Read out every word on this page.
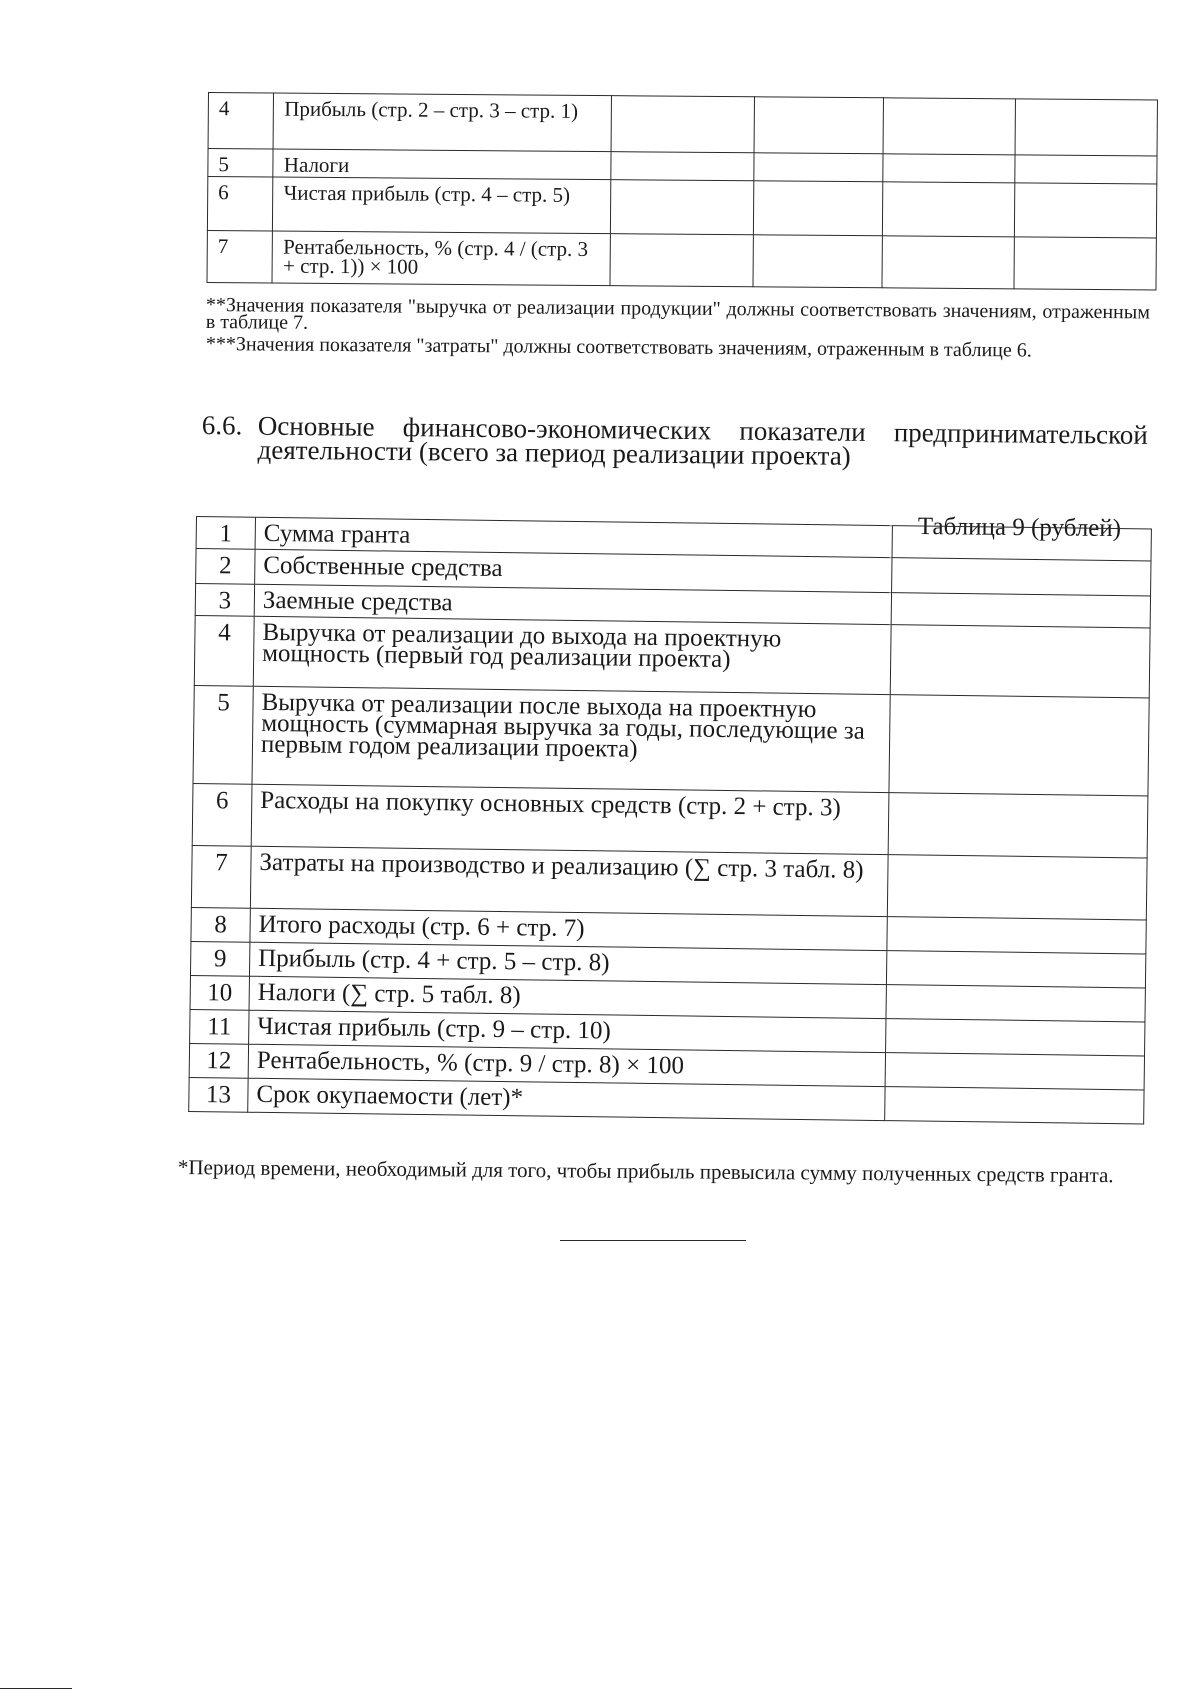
4	Прибыль (стр. 2 – стр. 3 – стр. 1)				
5	Налоги				
6	Чистая прибыль (стр. 4 – стр. 5)				
7	Рентабельность, % (стр. 4 / (стр. 3 + стр. 1)) × 100				
**Значения показателя "выручка от реализации продукции" должны соответствовать значениям, отраженным в таблице 7.
***Значения показателя "затраты" должны соответствовать значениям, отраженным в таблице 6.
6.6. Основные финансово-экономических показатели предпринимательской деятельности (всего за период реализации проекта)
Таблица 9 (рублей)
1	Сумма гранта	
2	Собственные средства	
3	Заемные средства	
4	Выручка от реализации до выхода на проектную мощность (первый год реализации проекта)	
5	Выручка от реализации после выхода на проектную мощность (суммарная выручка за годы, последующие за первым годом реализации проекта)	
6	Расходы на покупку основных средств (стр. 2 + стр. 3)	
7	Затраты на производство и реализацию (∑ стр. 3 табл. 8)	
8	Итого расходы (стр. 6 + стр. 7)	
9	Прибыль (стр. 4 + стр. 5 – стр. 8)	
10	Налоги (∑ стр. 5 табл. 8)	
11	Чистая прибыль (стр. 9 – стр. 10)	
12	Рентабельность, % (стр. 9 / стр. 8) × 100	
13	Срок окупаемости (лет)*	
*Период времени, необходимый для того, чтобы прибыль превысила сумму полученных средств гранта.
